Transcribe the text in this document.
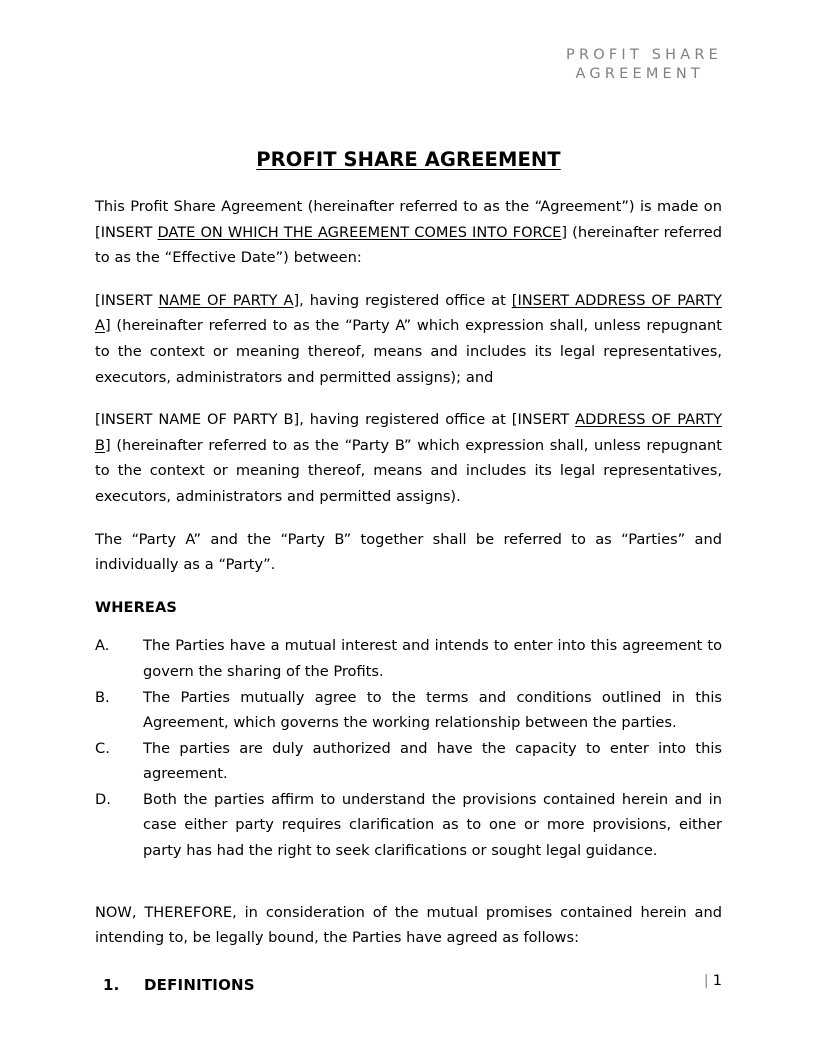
PROFIT SHARE
AGREEMENT
PROFIT SHARE AGREEMENT

This Profit Share Agreement (hereinafter referred to as the “Agreement”) is made on [INSERT DATE ON WHICH THE AGREEMENT COMES INTO FORCE] (hereinafter referred to as the “Effective Date”) between:

[INSERT NAME OF PARTY A], having registered office at [INSERT ADDRESS OF PARTY A] (hereinafter referred to as the “Party A” which expression shall, unless repugnant to the context or meaning thereof, means and includes its legal representatives, executors, administrators and permitted assigns); and

[INSERT NAME OF PARTY B], having registered office at [INSERT ADDRESS OF PARTY B] (hereinafter referred to as the “Party B” which expression shall, unless repugnant to the context or meaning thereof, means and includes its legal representatives, executors, administrators and permitted assigns).

The “Party A” and the “Party B” together shall be referred to as “Parties” and individually as a “Party”.

WHEREAS
A.	The Parties have a mutual interest and intends to enter into this agreement to govern the sharing of the Profits.
B.	The Parties mutually agree to the terms and conditions outlined in this Agreement, which governs the working relationship between the parties.
C.	The parties are duly authorized and have the capacity to enter into this agreement.
D.	Both the parties affirm to understand the provisions contained herein and in case either party requires clarification as to one or more provisions, either party has had the right to seek clarifications or sought legal guidance.

NOW, THEREFORE, in consideration of the mutual promises contained herein and intending to, be legally bound, the Parties have agreed as follows:

1. DEFINITIONS	| 1
